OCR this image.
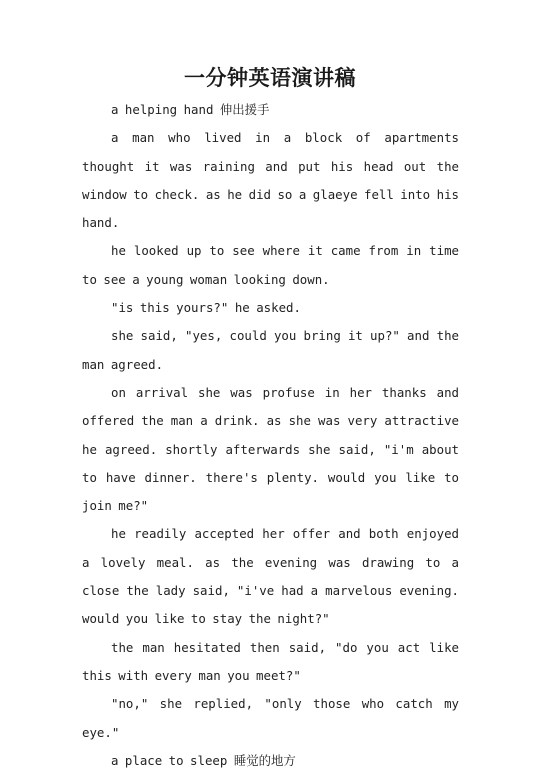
一分钟英语演讲稿

a helping hand 伸出援手

a man who lived in a block of apartments thought it was raining and put his head out the window to check. as he did so a glaeye fell into his hand.

he looked up to see where it came from in time to see a young woman looking down.

"is this yours?" he asked.

she said, "yes, could you bring it up?" and the man agreed.

on arrival she was profuse in her thanks and offered the man a drink. as she was very attractive he agreed. shortly afterwards she said, "i'm about to have dinner. there's plenty. would you like to join me?"

he readily accepted her offer and both enjoyed a lovely meal. as the evening was drawing to a close the lady said, "i've had a marvelous evening. would you like to stay the night?"

the man hesitated then said, "do you act like this with every man you meet?"

"no," she replied, "only those who catch my eye."

a place to sleep 睡觉的地方
